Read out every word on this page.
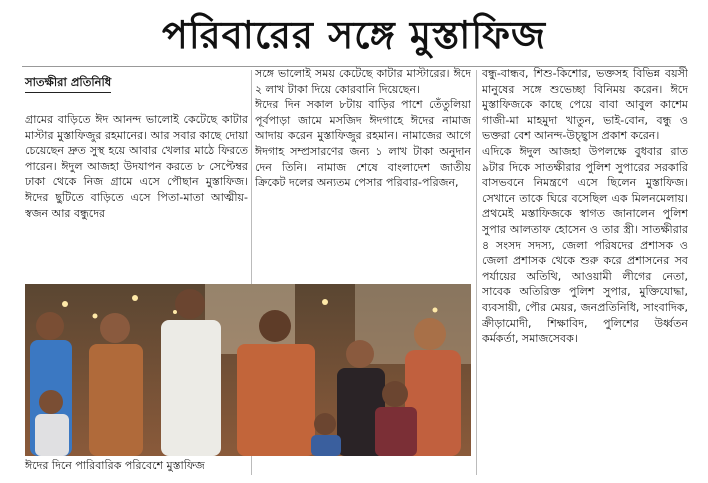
পরিবারের সঙ্গে মুস্তাফিজ
সাতক্ষীরা প্রতিনিধি
গ্রামের বাড়িতে ঈদ আনন্দ ভালোই কেটেছে কাটার মাস্টার মুস্তাফিজুর রহমানের। আর সবার কাছে দোয়া চেয়েছেন দ্রুত সুস্থ হয়ে আবার খেলার মাঠে ফিরতে পারেন। ঈদুল আজহা উদযাপন করতে ৮ সেপ্টেম্বর ঢাকা থেকে নিজ গ্রামে এসে পৌছান মুস্তাফিজ। ঈদের ছুটিতে বাড়িতে এসে পিতা-মাতা আত্মীয়-স্বজন আর বন্ধুদের
সঙ্গে ভালোই সময় কেটেছে কাটার মাস্টারের। ঈদে ২ লাখ টাকা দিয়ে কোরবানি দিয়েছেন।
ঈদের দিন সকাল ৮টায় বাড়ির পাশে তেঁতুলিয়া পূর্বপাড়া জামে মসজিদ ঈদগাহে ঈদের নামাজ আদায় করেন মুস্তাফিজুর রহমান। নামাজের আগে ঈদগাহ সম্প্রসারণের জন্য ১ লাখ টাকা অনুদান দেন তিনি। নামাজ শেষে বাংলাদেশ জাতীয় ক্রিকেট দলের অন্যতম পেসার পরিবার-পরিজন,
বন্ধু-বান্ধব, শিশু-কিশোর, ভক্তসহ বিভিন্ন বয়সী মানুষের সঙ্গে শুভেচ্ছা বিনিময় করেন। ঈদে মুস্তাফিজকে কাছে পেয়ে বাবা আবুল কাশেম গাজী-মা মাহমুদা খাতুন, ভাই-বোন, বন্ধু ও ভক্তরা বেশ আনন্দ-উচ্ছ্বাস প্রকাশ করেন।
এদিকে ঈদুল আজহা উপলক্ষে বুধবার রাত ৯টার দিকে সাতক্ষীরার পুলিশ সুপারের সরকারি বাসভবনে নিমন্ত্রণে এসে ছিলেন মুস্তাফিজ। সেখানে তাকে ঘিরে বসেছিল এক মিলনমেলায়। প্রথমেই মস্তাফিজকে স্বাগত জানালেন পুলিশ সুপার আলতাফ হোসেন ও তার স্ত্রী। সাতক্ষীরার ৪ সংসদ সদস্য, জেলা পরিষদের প্রশাসক ও জেলা প্রশাসক থেকে শুরু করে প্রশাসনের সব পর্যায়ের অতিথি, আওয়ামী লীগের নেতা, সাবেক অতিরিক্ত পুলিশ সুপার, মুক্তিযোদ্ধা, ব্যবসায়ী, পৌর মেয়র, জনপ্রতিনিধি, সাংবাদিক, ক্রীড়ামোদী, শিক্ষাবিদ, পুলিশের উর্ধ্বতন কর্মকর্তা, সমাজসেবক।
ঈদের দিনে পারিবারিক পরিবেশে মুস্তাফিজ
